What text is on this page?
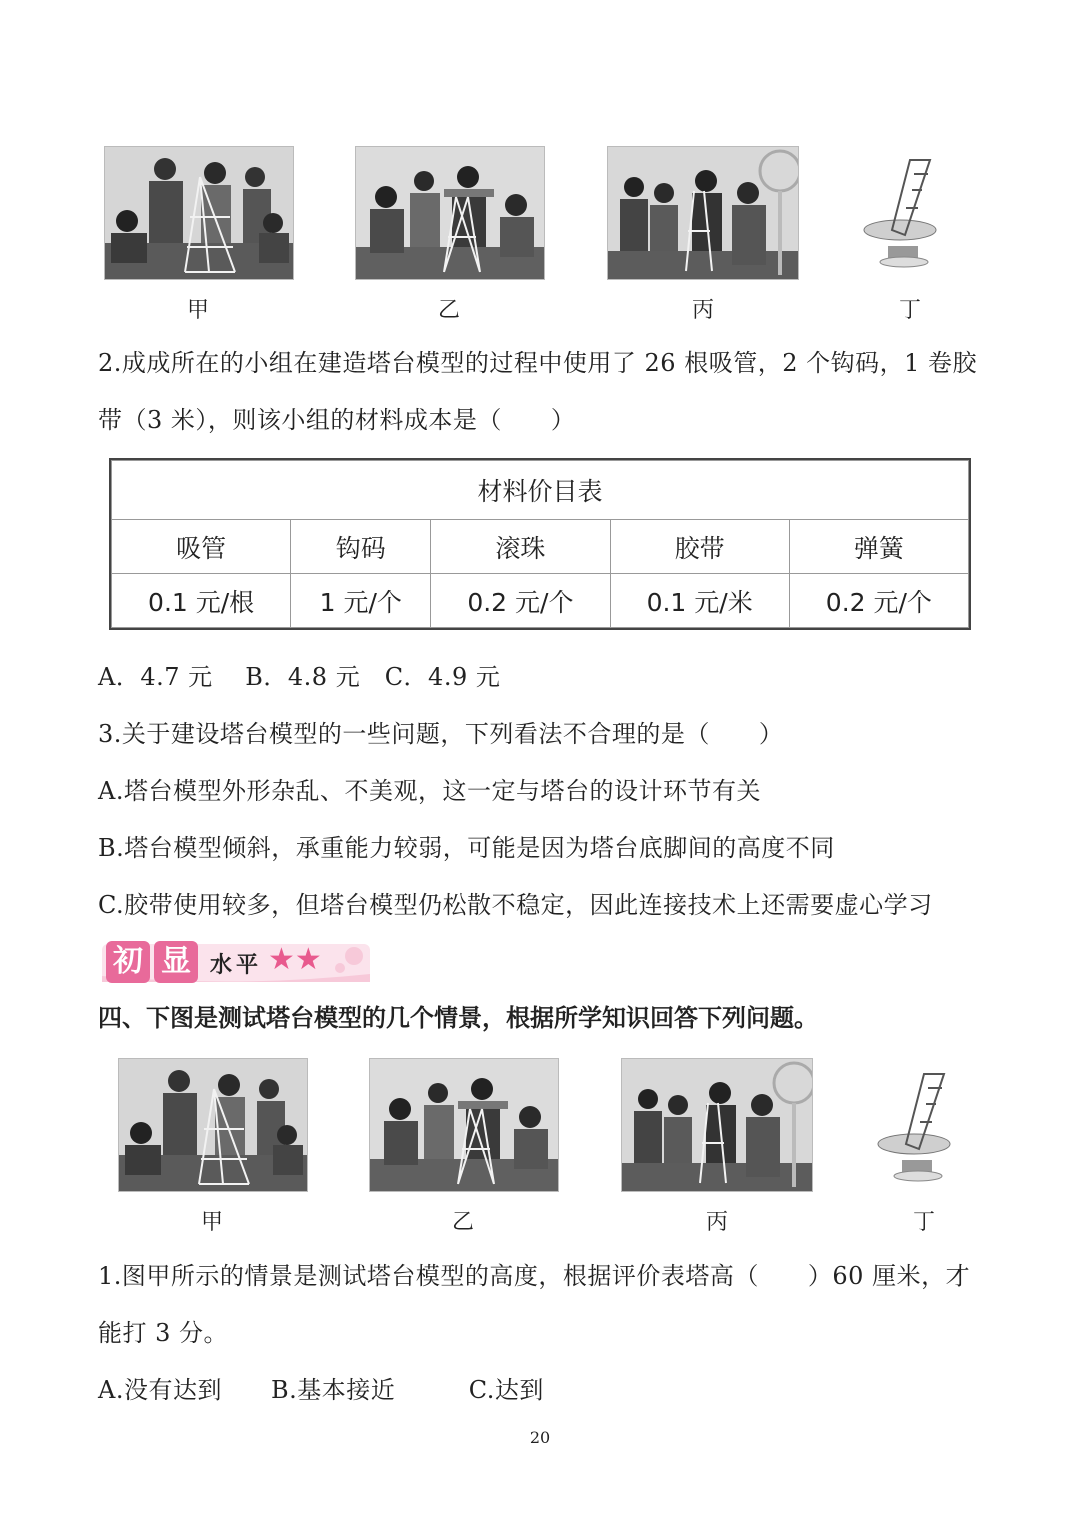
甲	乙	丙	丁
2.成成所在的小组在建造塔台模型的过程中使用了 26 根吸管，2 个钩码，1 卷胶
带（3 米），则该小组的材料成本是（　　）
材料价目表				
吸管	钩码	滚珠	胶带	弹簧
0.1 元/根	1 元/个	0.2 元/个	0.1 元/米	0.2 元/个
A．4.7 元　 B．4.8 元　C．4.9 元
3.关于建设塔台模型的一些问题，下列看法不合理的是（　　）
A.塔台模型外形杂乱、不美观，这一定与塔台的设计环节有关
B.塔台模型倾斜，承重能力较弱，可能是因为塔台底脚间的高度不同
C.胶带使用较多，但塔台模型仍松散不稳定，因此连接技术上还需要虚心学习
初 显 水平 ★★
四、下图是测试塔台模型的几个情景，根据所学知识回答下列问题。
甲	乙	丙	丁
1.图甲所示的情景是测试塔台模型的高度，根据评价表塔高（　　）60 厘米，才
能打 3 分。
A.没有达到　　B.基本接近　　　C.达到
20
